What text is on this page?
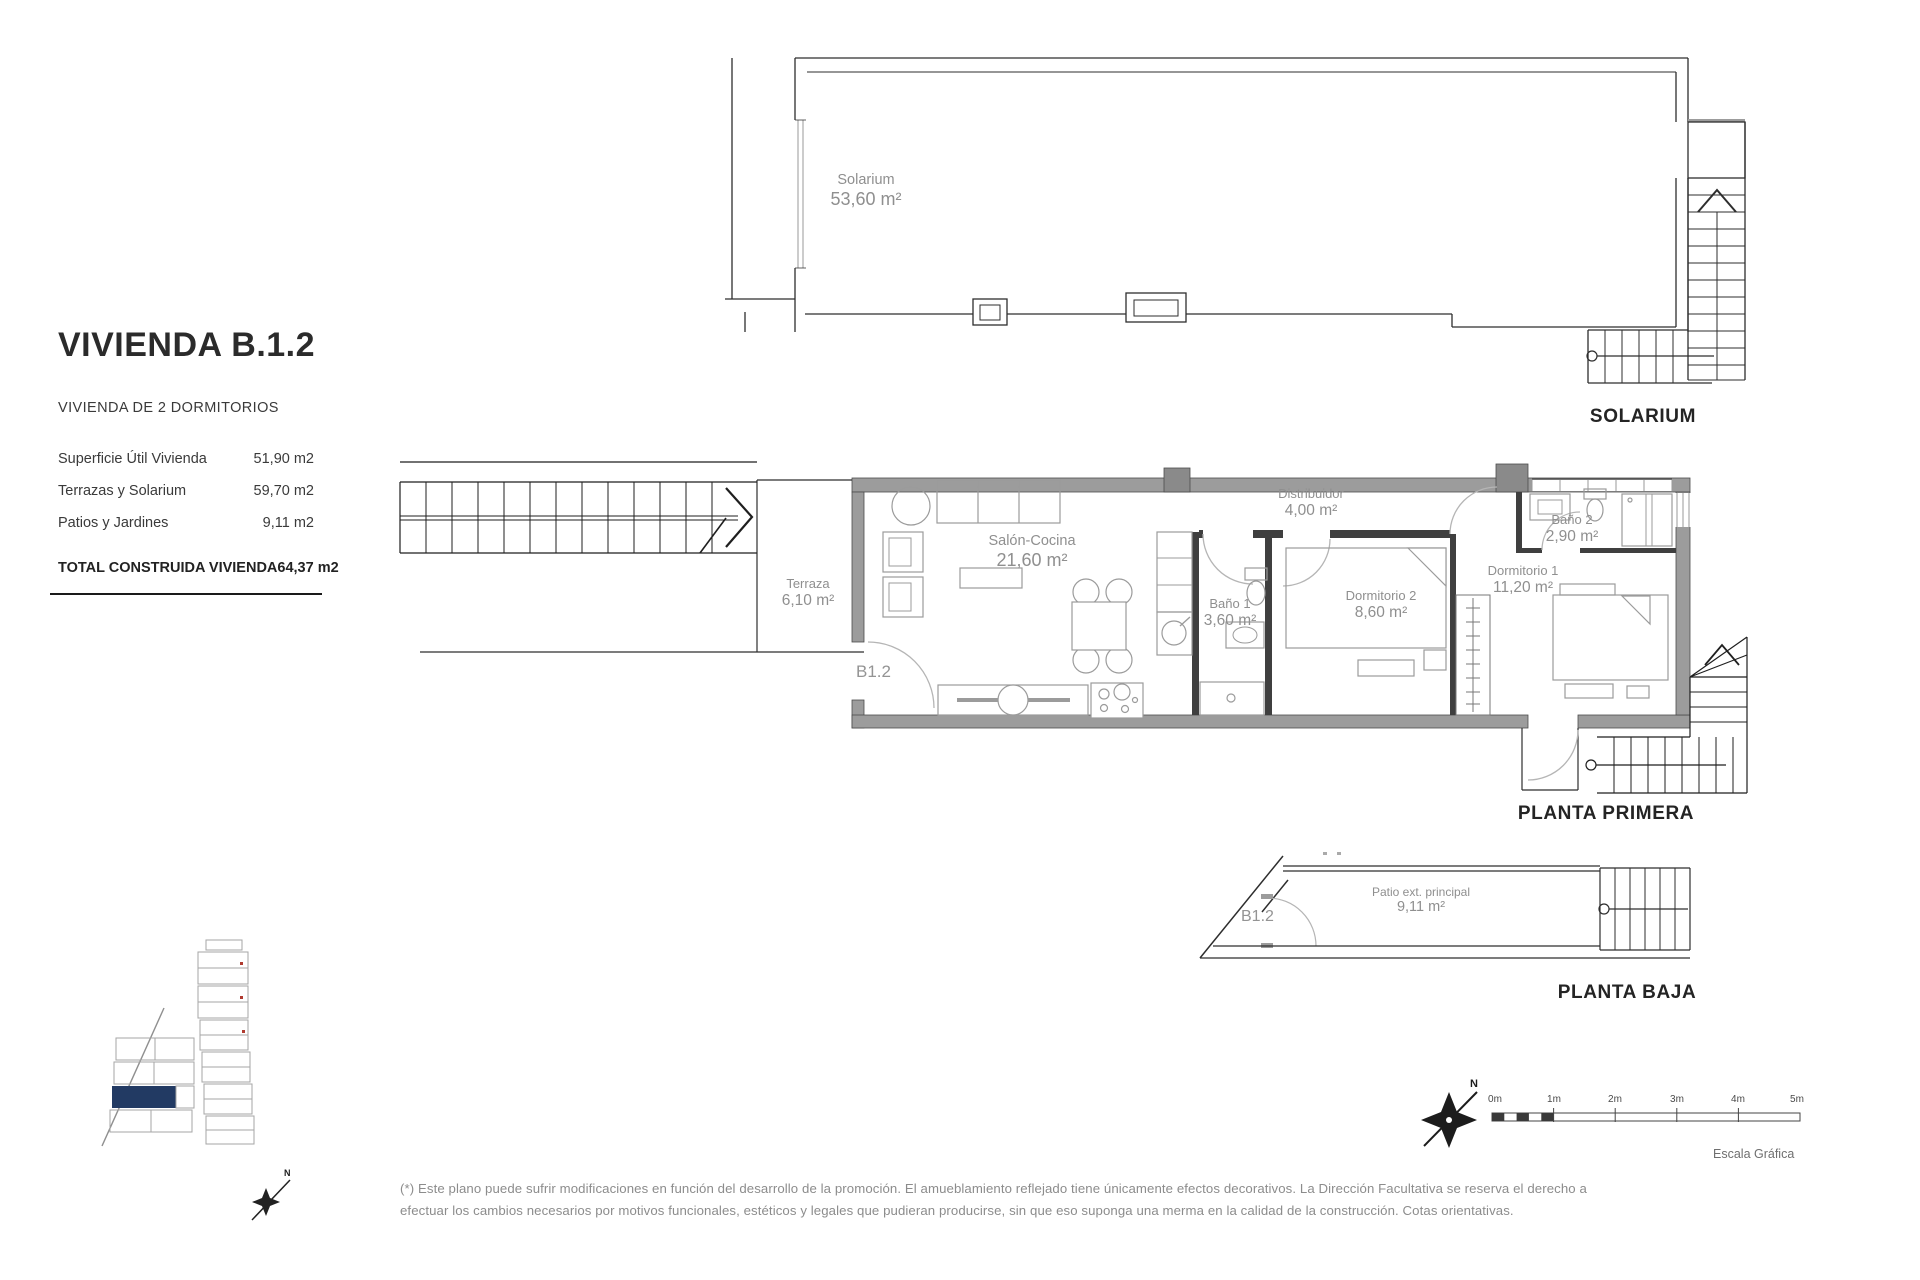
VIVIENDA B.1.2
VIVIENDA DE 2 DORMITORIOS
Superficie Útil Vivienda	51,90 m2
Terrazas y Solarium	59,70 m2
Patios y Jardines	9,11 m2
TOTAL CONSTRUIDA VIVIENDA 64,37 m2
Solarium
53,60 m²
SOLARIUM
Terraza
6,10 m²
Salón-Cocina
21,60 m²
Baño 1
3,60 m²
Distribuidor
4,00 m²
Dormitorio 2
8,60 m²
Baño 2
2,90 m²
Dormitorio 1
11,20 m²
B1.2
PLANTA PRIMERA
Patio ext. principal
9,11 m²
B1.2
PLANTA BAJA
N
N
0m	1m	2m	3m	4m	5m
Escala Gráfica
(*) Este plano puede sufrir modificaciones en función del desarrollo de la promoción. El amueblamiento reflejado tiene únicamente efectos decorativos. La Dirección Facultativa se reserva el derecho a
efectuar los cambios necesarios por motivos funcionales, estéticos y legales que pudieran producirse, sin que eso suponga una merma en la calidad de la construcción. Cotas orientativas.
